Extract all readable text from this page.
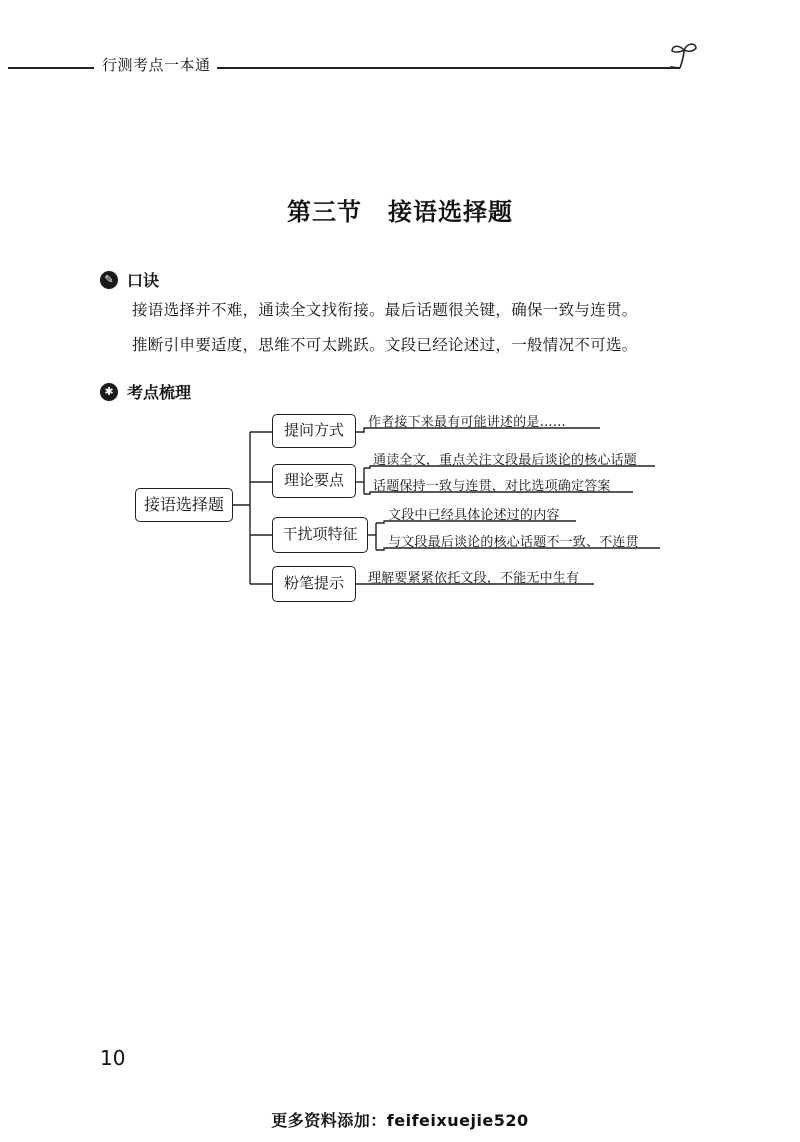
行测考点一本通
第三节 接语选择题
✎ 口诀
接语选择并不难，通读全文找衔接。最后话题很关键，确保一致与连贯。
推断引申要适度，思维不可太跳跃。文段已经论述过，一般情况不可选。
✱ 考点梳理
接语选择题
提问方式
理论要点
干扰项特征
粉笔提示
作者接下来最有可能讲述的是……
通读全文，重点关注文段最后谈论的核心话题
话题保持一致与连贯，对比选项确定答案
文段中已经具体论述过的内容
与文段最后谈论的核心话题不一致、不连贯
理解要紧紧依托文段，不能无中生有
10
更多资料添加：feifeixuejie520
